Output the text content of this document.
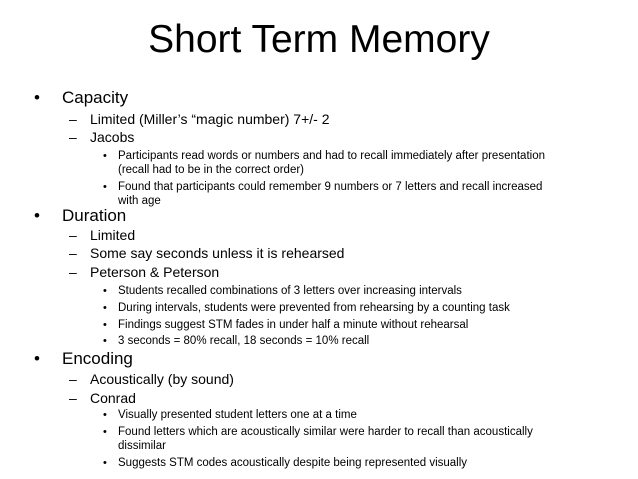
Short Term Memory
• Capacity
– Limited (Miller’s “magic number) 7+/- 2
– Jacobs
• Participants read words or numbers and had to recall immediately after presentation
(recall had to be in the correct order)
• Found that participants could remember 9 numbers or 7 letters and recall increased
with age
• Duration
– Limited
– Some say seconds unless it is rehearsed
– Peterson & Peterson
• Students recalled combinations of 3 letters over increasing intervals
• During intervals, students were prevented from rehearsing by a counting task
• Findings suggest STM fades in under half a minute without rehearsal
• 3 seconds = 80% recall, 18 seconds = 10% recall
• Encoding
– Acoustically (by sound)
– Conrad
• Visually presented student letters one at a time
• Found letters which are acoustically similar were harder to recall than acoustically
dissimilar
• Suggests STM codes acoustically despite being represented visually
